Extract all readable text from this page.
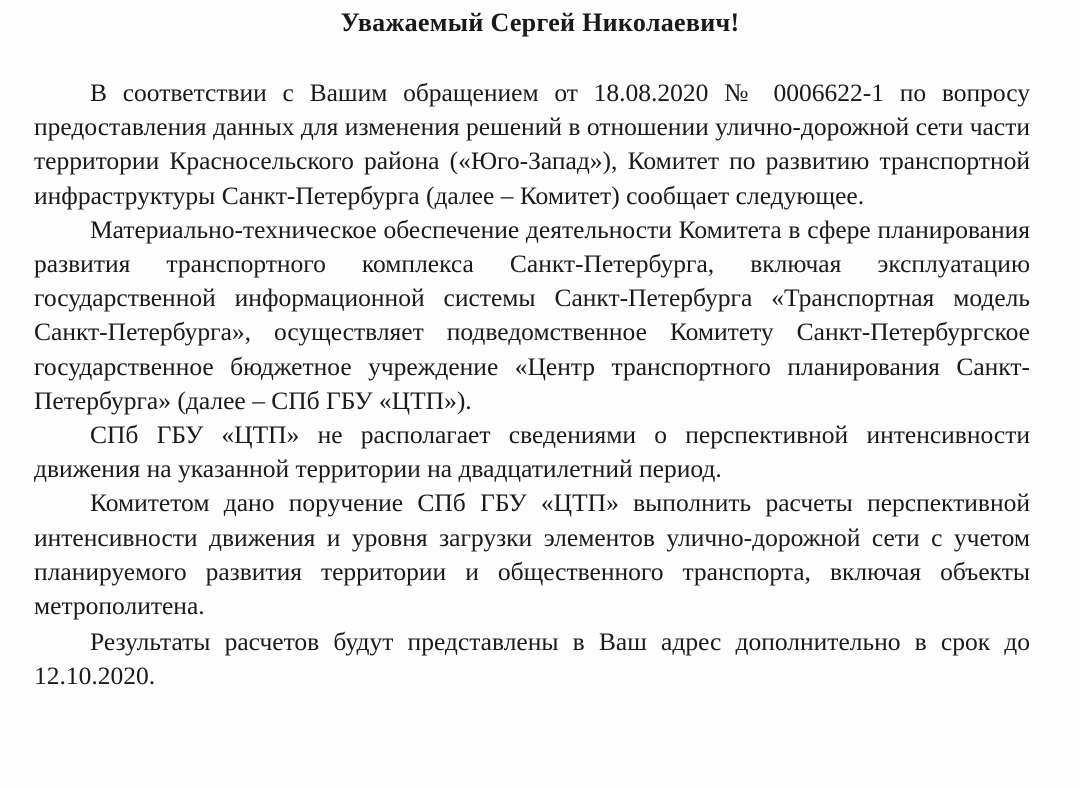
Уважаемый Сергей Николаевич!

В соответствии с Вашим обращением от 18.08.2020 № 0006622-1 по вопросу предоставления данных для изменения решений в отношении улично-дорожной сети части территории Красносельского района («Юго-Запад»), Комитет по развитию транспортной инфраструктуры Санкт-Петербурга (далее – Комитет) сообщает следующее.

Материально-техническое обеспечение деятельности Комитета в сфере планирования развития транспортного комплекса Санкт-Петербурга, включая эксплуатацию государственной информационной системы Санкт-Петербурга «Транспортная модель Санкт-Петербурга», осуществляет подведомственное Комитету Санкт-Петербургское государственное бюджетное учреждение «Центр транспортного планирования Санкт-Петербурга» (далее – СПб ГБУ «ЦТП»).

СПб ГБУ «ЦТП» не располагает сведениями о перспективной интенсивности движения на указанной территории на двадцатилетний период.

Комитетом дано поручение СПб ГБУ «ЦТП» выполнить расчеты перспективной интенсивности движения и уровня загрузки элементов улично-дорожной сети с учетом планируемого развития территории и общественного транспорта, включая объекты метрополитена.

Результаты расчетов будут представлены в Ваш адрес дополнительно в срок до 12.10.2020.
